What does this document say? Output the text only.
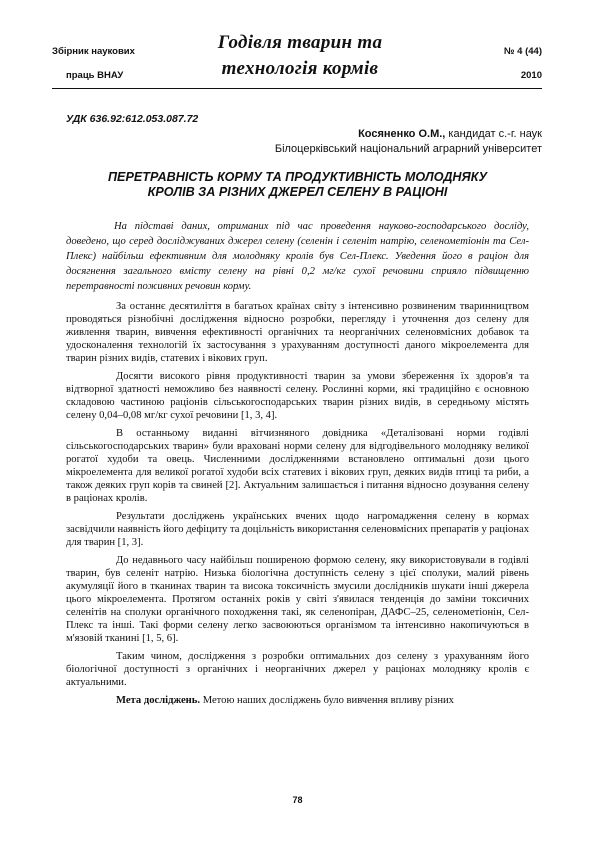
Збірник наукових
праць ВНАУ
Годівля тварин та
технологія кормів
№ 4 (44)
2010
УДК 636.92:612.053.087.72
Косяненко О.М., кандидат с.-г. наук
Білоцерківський національний аграрний університет
ПЕРЕТРАВНІСТЬ КОРМУ ТА ПРОДУКТИВНІСТЬ МОЛОДНЯКУ
КРОЛІВ ЗА РІЗНИХ ДЖЕРЕЛ СЕЛЕНУ В РАЦІОНІ

На підставі даних, отриманих під час проведення науково-господарського досліду, доведено, що серед досліджуваних джерел селену (селенін і селеніт натрію, селенометіонін та Сел-Плекс) найбільш ефективним для молодняку кролів був Сел-Плекс. Уведення його в раціон для досягнення загального вмісту селену на рівні 0,2 мг/кг сухої речовини сприяло підвищенню перетравності поживних речовин корму.

За останнє десятиліття в багатьох країнах світу з інтенсивно розвиненим тваринництвом проводяться різнобічні дослідження відносно розробки, перегляду і уточнення доз селену для живлення тварин, вивчення ефективності органічних та неорганічних селеновмісних добавок та удосконалення технологій їх застосування з урахуванням доступності даного мікроелемента для тварин різних видів, статевих і вікових груп.

Досягти високого рівня продуктивності тварин за умови збереження їх здоров'я та відтворної здатності неможливо без наявності селену. Рослинні корми, які традиційно є основною складовою частиною раціонів сільськогосподарських тварин різних видів, в середньому містять селену 0,04–0,08 мг/кг сухої речовини [1, 3, 4].

В останньому виданні вітчизняного довідника «Деталізовані норми годівлі сільськогосподарських тварин» були враховані норми селену для відгодівельного молодняку великої рогатої худоби та овець. Численними дослідженнями встановлено оптимальні дози цього мікроелемента для великої рогатої худоби всіх статевих і вікових груп, деяких видів птиці та риби, а також деяких груп корів та свиней [2]. Актуальним залишається і питання відносно дозування селену в раціонах кролів.

Результати досліджень українських вчених щодо нагромадження селену в кормах засвідчили наявність його дефіциту та доцільність використання селеновмісних препаратів у раціонах для тварин [1, 3].

До недавнього часу найбільш поширеною формою селену, яку використовували в годівлі тварин, був селеніт натрію. Низька біологічна доступність селену з цієї сполуки, малий рівень акумуляції його в тканинах тварин та висока токсичність змусили дослідників шукати інші джерела цього мікроелемента. Протягом останніх років у світі з'явилася тенденція до заміни токсичних селенітів на сполуки органічного походження такі, як селенопіран, ДАФС–25, селенометіонін, Сел-Плекс та інші. Такі форми селену легко засвоюються організмом та інтенсивно накопичуються в м'язовій тканині [1, 5, 6].

Таким чином, дослідження з розробки оптимальних доз селену з урахуванням його біологічної доступності з органічних і неорганічних джерел у раціонах молодняку кролів є актуальними.

Мета досліджень. Метою наших досліджень було вивчення впливу різних

78
